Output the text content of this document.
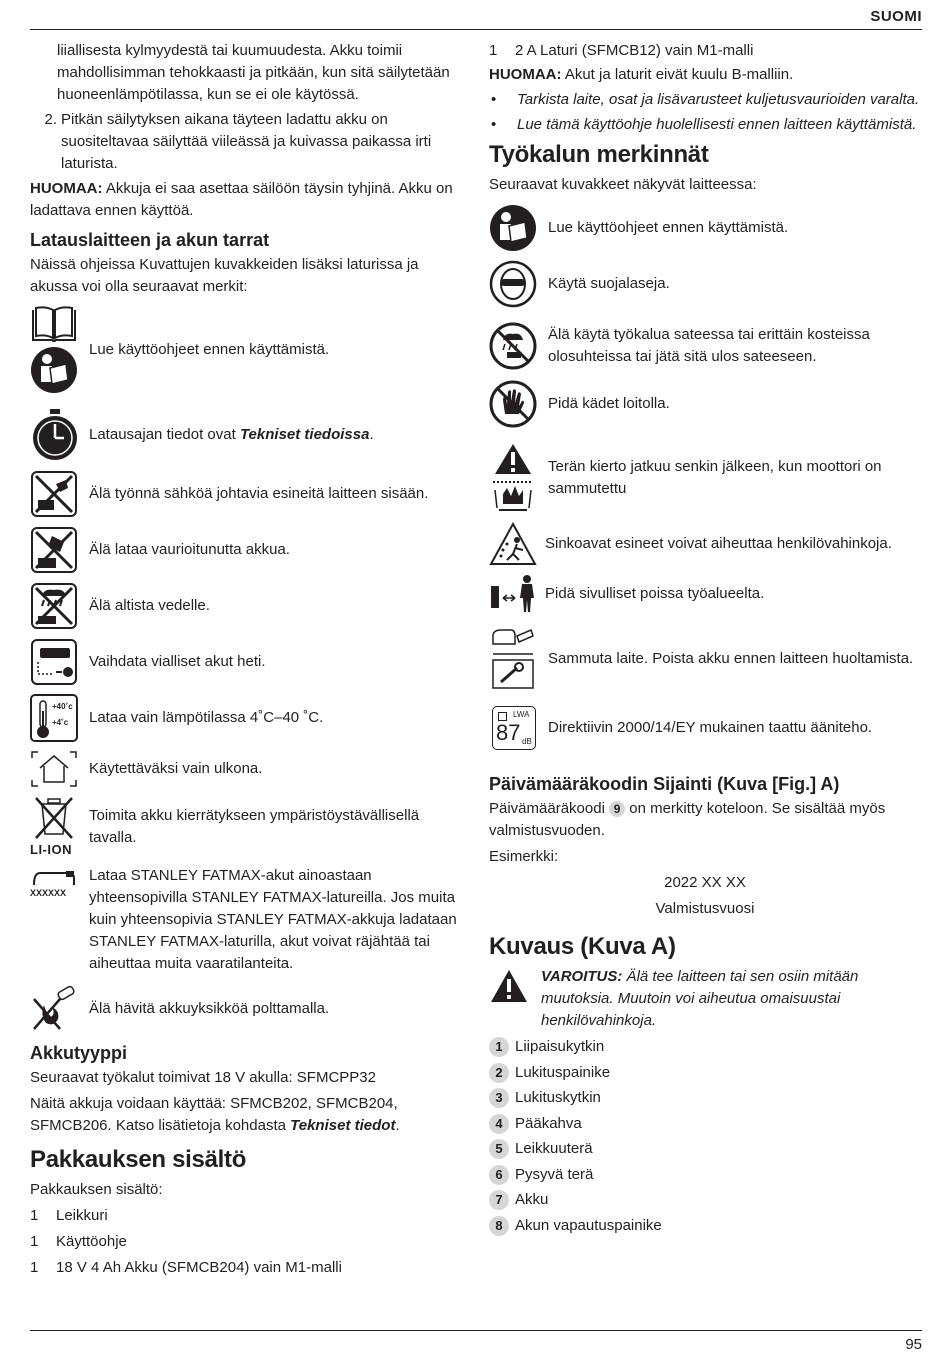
SUOMI

liiallisesta kylmyydestä tai kuumuudesta. Akku toimii mahdollisimman tehokkaasti ja pitkään, kun sitä säilytetään huoneenlämpötilassa, kun se ei ole käytössä.

2. Pitkän säilytyksen aikana täyteen ladattu akku on suositeltavaa säilyttää viileässä ja kuivassa paikassa irti laturista.

HUOMAA: Akkuja ei saa asettaa säilöön täysin tyhjinä. Akku on ladattava ennen käyttöä.

Latauslaitteen ja akun tarrat

Näissä ohjeissa Kuvattujen kuvakkeiden lisäksi laturissa ja akussa voi olla seuraavat merkit:

Lue käyttöohjeet ennen käyttämistä.
Latausajan tiedot ovat Tekniset tiedoissa.
Älä työnnä sähköä johtavia esineitä laitteen sisään.
Älä lataa vaurioitunutta akkua.
Älä altista vedelle.
Vaihdata vialliset akut heti.
+40˚c
+4˚c	Lataa vain lämpötilassa 4˚C–40 ˚C.
Käytettäväksi vain ulkona.
LI-ION
Toimita akku kierrätykseen ympäristöystävällisellä tavalla.
XXXXXX
Lataa STANLEY FATMAX-akut ainoastaan yhteensopivilla STANLEY FATMAX-latureilla. Jos muita kuin yhteensopivia STANLEY FATMAX-akkuja ladataan STANLEY FATMAX-laturilla, akut voivat räjähtää tai aiheuttaa muita vaaratilanteita.
Älä hävitä akkuyksikköä polttamalla.
Akkutyyppi

Seuraavat työkalut toimivat 18 V akulla: SFMCPP32

Näitä akkuja voidaan käyttää: SFMCB202, SFMCB204, SFMCB206. Katso lisätietoja kohdasta Tekniset tiedot.

Pakkauksen sisältö

Pakkauksen sisältö:

1	Leikkuri
1	Käyttöohje
1	18 V 4 Ah Akku (SFMCB204) vain M1-malli
1	2 A Laturi (SFMCB12) vain M1-malli

HUOMAA: Akut ja laturit eivät kuulu B-malliin.

•	Tarkista laite, osat ja lisävarusteet kuljetusvaurioiden varalta.
•	Lue tämä käyttöohje huolellisesti ennen laitteen käyttämistä.
Työkalun merkinnät

Seuraavat kuvakkeet näkyvät laitteessa:

Lue käyttöohjeet ennen käyttämistä.
Käytä suojalaseja.
Älä käytä työkalua sateessa tai erittäin kosteissa olosuhteissa tai jätä sitä ulos sateeseen.
Pidä kädet loitolla.
Terän kierto jatkuu senkin jälkeen, kun moottori on sammutettu
Sinkoavat esineet voivat aiheuttaa henkilövahinkoja.
Pidä sivulliset poissa työalueelta.
Sammuta laite. Poista akku ennen laitteen huoltamista.
LWA
87 dB
Direktiivin 2000/14/EY mukainen taattu ääniteho.
Päivämääräkoodin Sijainti (Kuva [Fig.] A)

Päivämääräkoodi 9 on merkitty koteloon. Se sisältää myös valmistusvuoden.

Esimerkki:

2022 XX XX

Valmistusvuosi

Kuvaus (Kuva A)

VAROITUS: Älä tee laitteen tai sen osiin mitään muutoksia. Muutoin voi aiheutua omaisuustai henkilövahinkoja.

1 Liipaisukytkin
2 Lukituspainike
3 Lukituskytkin
4 Pääkahva
5 Leikkuuterä
6 Pysyvä terä
7 Akku
8 Akun vapautuspainike
95
